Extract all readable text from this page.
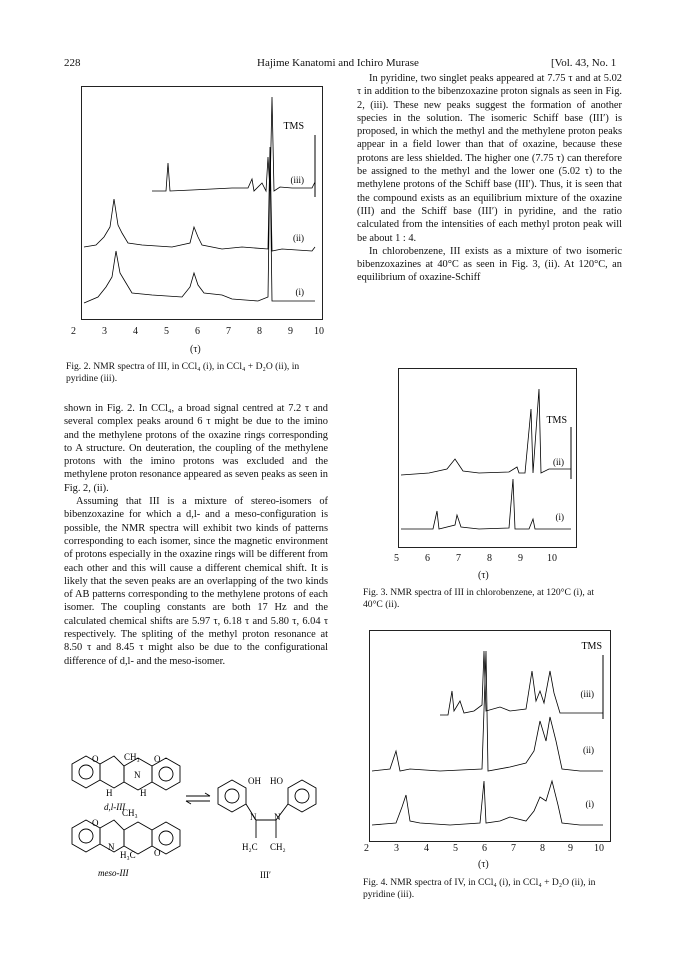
228	Hajime Kanatomi and Ichiro Murase	[Vol. 43, No. 1
TMS
(iii)
(ii)
(i)
2	3	4	5	6	7	8	9 10
(τ)
Fig. 2. NMR spectra of III, in CCl₄ (i), in CCl₄ + D₂O (ii), in pyridine (iii).

shown in Fig. 2. In CCl₄, a broad signal centred at 7.2 τ and several complex peaks around 6 τ might be due to the imino and the methylene protons of the oxazine rings corresponding to A structure. On deuteration, the coupling of the methylene protons with the imino protons was excluded and the methylene proton resonance appeared as seven peaks as seen in Fig. 2, (ii).

Assuming that III is a mixture of stereo-isomers of bibenzoxazine for which a d,l- and a meso-configuration is possible, the NMR spectra will exhibit two kinds of patterns corresponding to each isomer, since the magnetic environment of protons especially in the oxazine rings will be different from each other and this will cause a different chemical shift. It is likely that the seven peaks are an overlapping of the two kinds of AB patterns corresponding to the methylene protons of each isomer. The coupling constants are both 17 Hz and the calculated chemical shifts are 5.97 τ, 6.18 τ and 5.80 τ, 6.04 τ respectively. The spliting of the methyl proton resonance at 8.50 τ and 8.45 τ might also be due to the configurational difference of d,l- and the meso-isomer.

O	CH₃ O
N
H	H
CH₃
O
N
H₃C O
OH HO
N N
H₂C CH₂
d,l-III
meso-III	III′

In pyridine, two singlet peaks appeared at 7.75 τ and at 5.02 τ in addition to the bibenzoxazine proton signals as seen in Fig. 2, (iii). These new peaks suggest the formation of another species in the solution. The isomeric Schiff base (III′) is proposed, in which the methyl and the methylene proton peaks appear in a field lower than that of oxazine, because these protons are less shielded. The higher one (7.75 τ) can therefore be assigned to the methyl and the lower one (5.02 τ) to the methylene protons of the Schiff base (III′). Thus, it is seen that the compound exists as an equilibrium mixture of the oxazine (III) and the Schiff base (III′) in pyridine, and the ratio calculated from the intensities of each methyl proton peak will be about 1 : 4.

In chlorobenzene, III exists as a mixture of two isomeric bibenzoxazines at 40°C as seen in Fig. 3, (ii). At 120°C, an equilibrium of oxazine-Schiff

TMS
(ii)
(i)
5	6	7	8	9 10
(τ)
Fig. 3. NMR spectra of III in chlorobenzene, at 120°C (i), at 40°C (ii).
TMS
(iii)
(ii)
(i)
2	3	4 5 6 7 8 9 10
(τ)
Fig. 4. NMR spectra of IV, in CCl₄ (i), in CCl₄ + D₂O (ii), in pyridine (iii).
